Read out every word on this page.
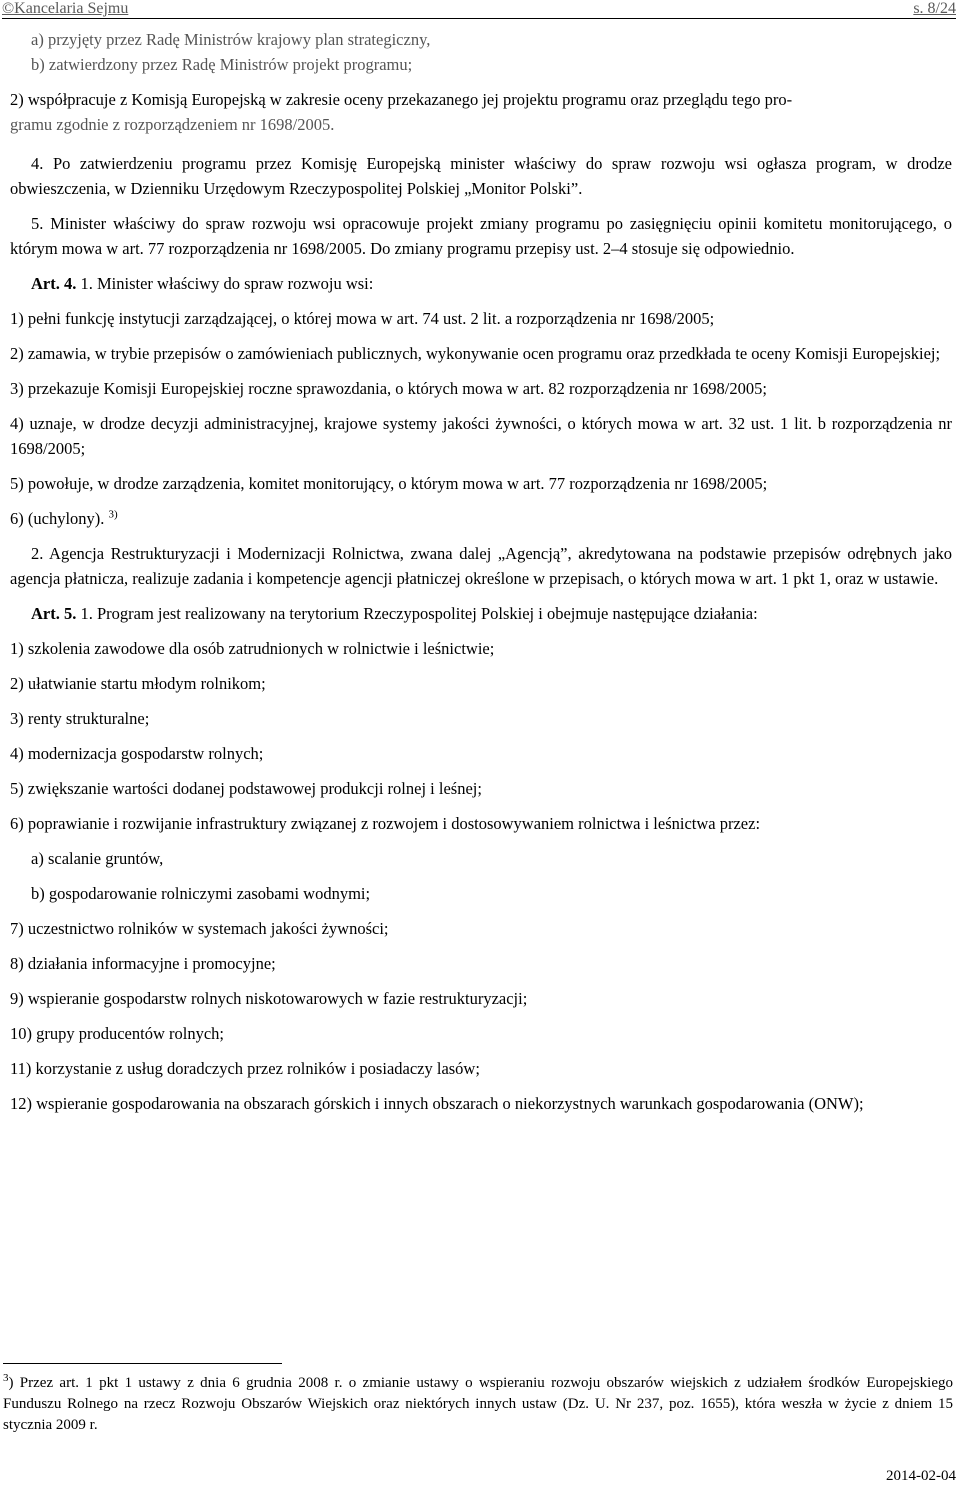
©Kancelaria Sejmu	s. 8/24

a) przyjęty przez Radę Ministrów krajowy plan strategiczny,

b) zatwierdzony przez Radę Ministrów projekt programu;

2) współpracuje z Komisją Europejską w zakresie oceny przekazanego jej projektu programu oraz przeglądu tego pro-
gramu zgodnie z rozporządzeniem nr 1698/2005.

4. Po zatwierdzeniu programu przez Komisję Europejską minister właściwy do spraw rozwoju wsi ogłasza program, w drodze obwieszczenia, w Dzienniku Urzędowym Rzeczypospolitej Polskiej „Monitor Polski”.

5. Minister właściwy do spraw rozwoju wsi opracowuje projekt zmiany programu po zasięgnięciu opinii komitetu monitorującego, o którym mowa w art. 77 rozporządzenia nr 1698/2005. Do zmiany programu przepisy ust. 2–4 stosuje się odpowiednio.

Art. 4. 1. Minister właściwy do spraw rozwoju wsi:

1) pełni funkcję instytucji zarządzającej, o której mowa w art. 74 ust. 2 lit. a rozporządzenia nr 1698/2005;

2) zamawia, w trybie przepisów o zamówieniach publicznych, wykonywanie ocen programu oraz przedkłada te oceny Komisji Europejskiej;

3) przekazuje Komisji Europejskiej roczne sprawozdania, o których mowa w art. 82 rozporządzenia nr 1698/2005;

4) uznaje, w drodze decyzji administracyjnej, krajowe systemy jakości żywności, o których mowa w art. 32 ust. 1 lit. b rozporządzenia nr 1698/2005;

5) powołuje, w drodze zarządzenia, komitet monitorujący, o którym mowa w art. 77 rozporządzenia nr 1698/2005;

6) (uchylony). $^{3)}$

2. Agencja Restrukturyzacji i Modernizacji Rolnictwa, zwana dalej „Agencją”, akredytowana na podstawie przepisów odrębnych jako agencja płatnicza, realizuje zadania i kompetencje agencji płatniczej określone w przepisach, o których mowa w art. 1 pkt 1, oraz w ustawie.

Art. 5. 1. Program jest realizowany na terytorium Rzeczypospolitej Polskiej i obejmuje następujące działania:

1) szkolenia zawodowe dla osób zatrudnionych w rolnictwie i leśnictwie;

2) ułatwianie startu młodym rolnikom;

3) renty strukturalne;

4) modernizacja gospodarstw rolnych;

5) zwiększanie wartości dodanej podstawowej produkcji rolnej i leśnej;

6) poprawianie i rozwijanie infrastruktury związanej z rozwojem i dostosowywaniem rolnictwa i leśnictwa przez:

a) scalanie gruntów,

b) gospodarowanie rolniczymi zasobami wodnymi;

7) uczestnictwo rolników w systemach jakości żywności;

8) działania informacyjne i promocyjne;

9) wspieranie gospodarstw rolnych niskotowarowych w fazie restrukturyzacji;

10) grupy producentów rolnych;

11) korzystanie z usług doradczych przez rolników i posiadaczy lasów;

12) wspieranie gospodarowania na obszarach górskich i innych obszarach o niekorzystnych warunkach gospodarowania (ONW);

$^3$) Przez art. 1 pkt 1 ustawy z dnia 6 grudnia 2008 r. o zmianie ustawy o wspieraniu rozwoju obszarów wiejskich z udziałem środków Europejskiego Funduszu Rolnego na rzecz Rozwoju Obszarów Wiejskich oraz niektórych innych ustaw (Dz. U. Nr 237, poz. 1655), która weszła w życie z dniem 15 stycznia 2009 r.
2014-02-04
